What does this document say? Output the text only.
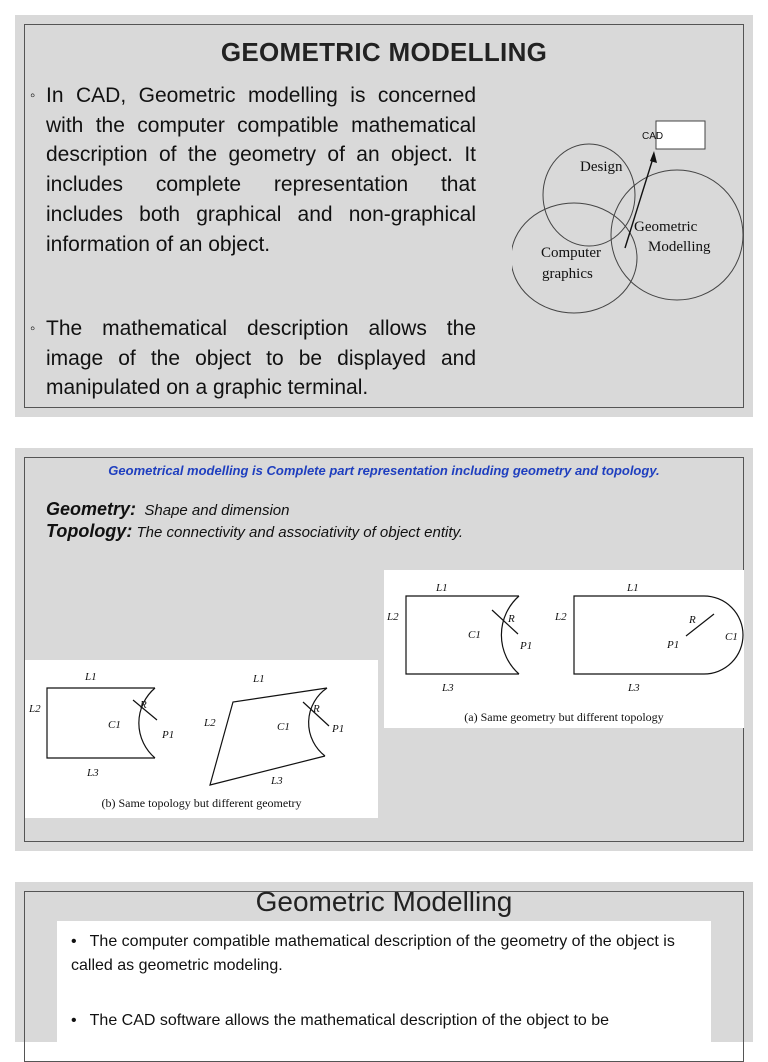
GEOMETRIC MODELLING
◦ In CAD, Geometric modelling is concerned with the computer compatible mathematical description of the geometry of an object. It includes complete representation that includes both graphical and non-graphical information of an object.
◦ The mathematical description allows the image of the object to be displayed and manipulated on a graphic terminal.
Design
CAD
Computer
graphics
Geometric
Modelling
Geometrical modelling is Complete part representation including geometry and topology.
Geometry: Shape and dimension
Topology: The connectivity and associativity of object entity.
L1
L2
L3
C1
R
P1
L1
L2
L3
C1
R
P1
(a) Same geometry but different topology
L1
L2
L3
C1
R
P1
L1
L2
L3
C1
R
P1
(b) Same topology but different geometry
Geometric Modelling
• The computer compatible mathematical description of the geometry of the object is called as geometric modeling.
• The CAD software allows the mathematical description of the object to be
